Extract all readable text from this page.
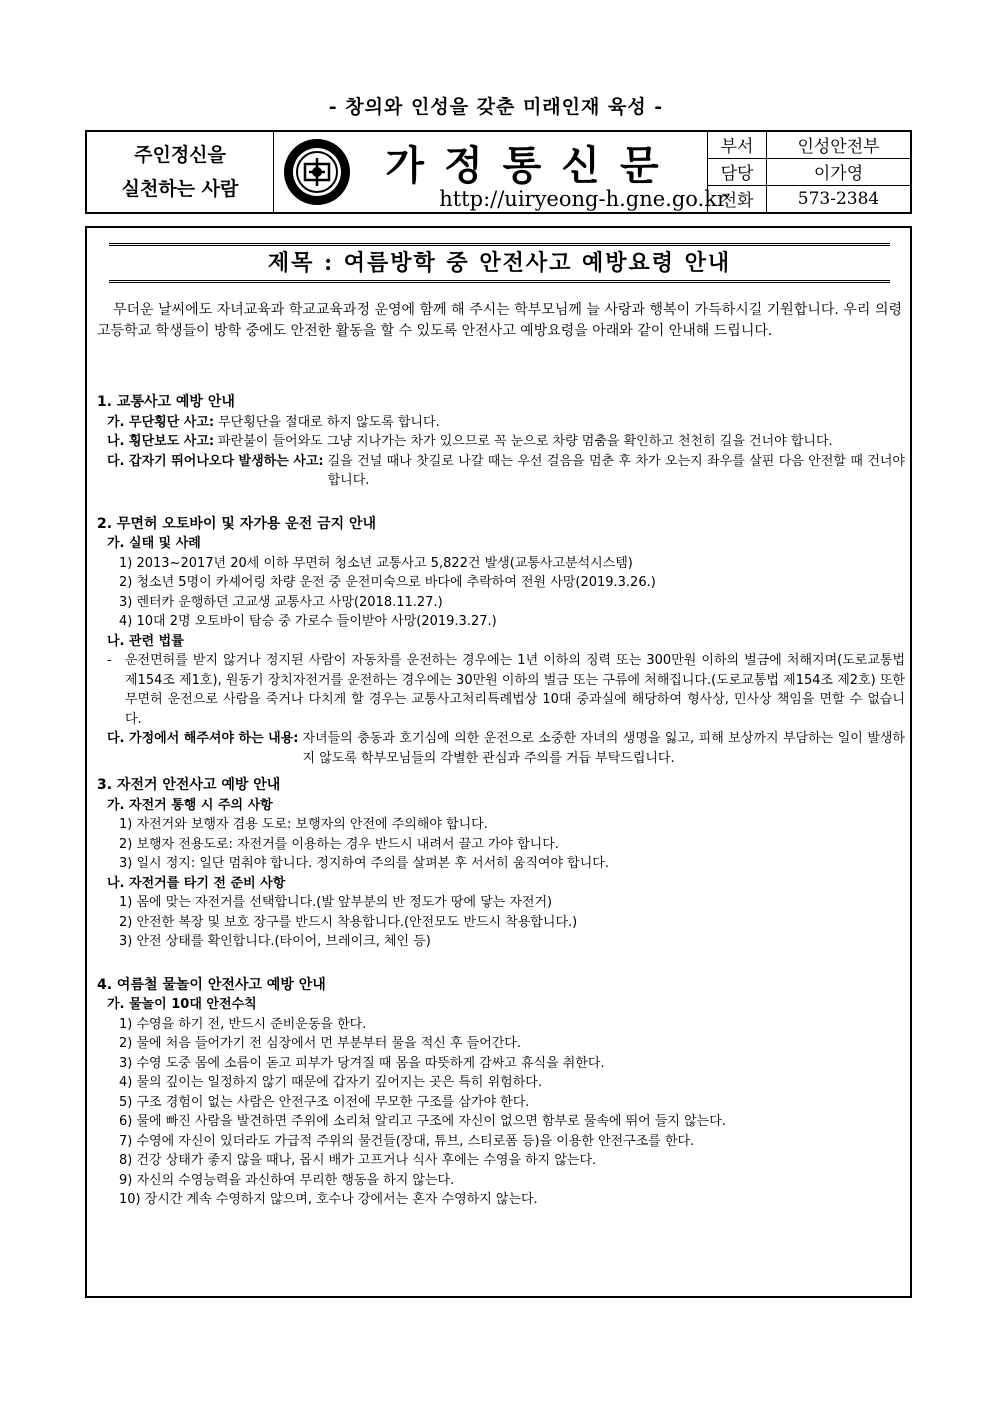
- 창의와 인성을 갖춘 미래인재 육성 -
주인정신을
실천하는 사람	가정통신문
http://uiryeong-h.gne.go.kr
부서	인성안전부
담당	이가영
전화	573-2384
제목 : 여름방학 중 안전사고 예방요령 안내
무더운 날씨에도 자녀교육과 학교교육과정 운영에 함께 해 주시는 학부모님께 늘 사랑과 행복이 가득하시길 기원합니다. 우리 의령고등학교 학생들이 방학 중에도 안전한 활동을 할 수 있도록 안전사고 예방요령을 아래와 같이 안내해 드립니다.
1. 교통사고 예방 안내
가. 무단횡단 사고: 무단횡단을 절대로 하지 않도록 합니다.
나. 횡단보도 사고: 파란불이 들어와도 그냥 지나가는 차가 있으므로 꼭 눈으로 차량 멈춤을 확인하고 천천히 길을 건너야 합니다.
다. 갑자기 뛰어나오다 발생하는 사고: 길을 건널 때나 찻길로 나갈 때는 우선 걸음을 멈춘 후 차가 오는지 좌우를 살핀 다음 안전할 때 건너야 합니다.
2. 무면허 오토바이 및 자가용 운전 금지 안내
가. 실태 및 사례
1) 2013~2017년 20세 이하 무면허 청소년 교통사고 5,822건 발생(교통사고분석시스템)
2) 청소년 5명이 카셰어링 차량 운전 중 운전미숙으로 바다에 추락하여 전원 사망(2019.3.26.)
3) 렌터카 운행하던 고교생 교통사고 사망(2018.11.27.)
4) 10대 2명 오토바이 탐승 중 가로수 들이받아 사망(2019.3.27.)
나. 관련 법률
-	운전면허를 받지 않거나 정지된 사람이 자동차를 운전하는 경우에는 1년 이하의 징력 또는 300만원 이하의 벌금에 처해지며(도로교통법 제154조 제1호), 원동기 장치자전거를 운전하는 경우에는 30만원 이하의 벌금 또는 구류에 처해집니다.(도로교통법 제154조 제2호) 또한 무면허 운전으로 사람을 죽거나 다치게 할 경우는 교통사고처리특례법상 10대 중과실에 해당하여 형사상, 민사상 책임을 면할 수 없습니다.
다. 가정에서 해주셔야 하는 내용: 자녀들의 충동과 호기심에 의한 운전으로 소중한 자녀의 생명을 잃고, 피해 보상까지 부담하는 일이 발생하지 않도록 학부모님들의 각별한 관심과 주의를 거듭 부탁드립니다.
3. 자전거 안전사고 예방 안내
가. 자전거 통행 시 주의 사항
1) 자전거와 보행자 겸용 도로: 보행자의 안전에 주의해야 합니다.
2) 보행자 전용도로: 자전거를 이용하는 경우 반드시 내려서 끌고 가야 합니다.
3) 일시 정지: 일단 멈춰야 합니다. 정지하여 주의를 살펴본 후 서서히 움직여야 합니다.
나. 자전거를 타기 전 준비 사항
1) 몸에 맞는 자전거를 선택합니다.(발 앞부분의 반 정도가 땅에 닿는 자전거)
2) 안전한 복장 및 보호 장구를 반드시 착용합니다.(안전모도 반드시 착용합니다.)
3) 안전 상태를 확인합니다.(타이어, 브레이크, 체인 등)
4. 여름철 물놀이 안전사고 예방 안내
가. 물놀이 10대 안전수칙
1) 수영을 하기 전, 반드시 준비운동을 한다.
2) 물에 처음 들어가기 전 심장에서 먼 부분부터 물을 적신 후 들어간다.
3) 수영 도중 몸에 소름이 돋고 피부가 당겨질 때 몸을 따뜻하게 감싸고 휴식을 취한다.
4) 물의 깊이는 일정하지 않기 때문에 갑자기 깊어지는 곳은 특히 위험하다.
5) 구조 경험이 없는 사람은 안전구조 이전에 무모한 구조를 삼가야 한다.
6) 물에 빠진 사람을 발견하면 주위에 소리쳐 알리고 구조에 자신이 없으면 함부로 물속에 뛰어 들지 않는다.
7) 수영에 자신이 있더라도 가급적 주위의 물건들(장대, 튜브, 스티로폼 등)을 이용한 안전구조를 한다.
8) 건강 상태가 좋지 않을 때나, 몹시 배가 고프거나 식사 후에는 수영을 하지 않는다.
9) 자신의 수영능력을 과신하여 무리한 행동을 하지 않는다.
10) 장시간 계속 수영하지 않으며, 호수나 강에서는 혼자 수영하지 않는다.
